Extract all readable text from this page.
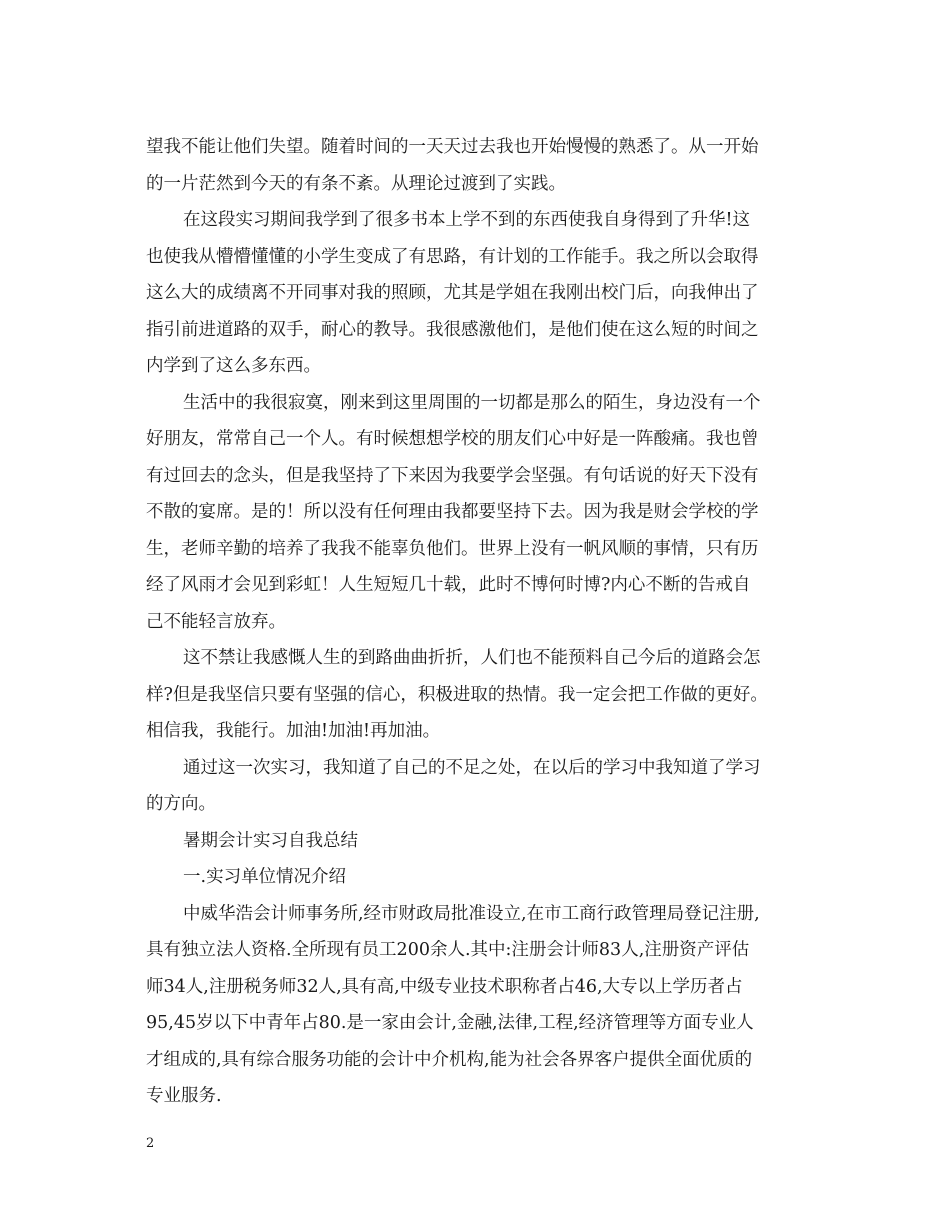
望我不能让他们失望。随着时间的一天天过去我也开始慢慢的熟悉了。从一开始
的一片茫然到今天的有条不紊。从理论过渡到了实践。
在这段实习期间我学到了很多书本上学不到的东西使我自身得到了升华!这
也使我从懵懵懂懂的小学生变成了有思路，有计划的工作能手。我之所以会取得
这么大的成绩离不开同事对我的照顾，尤其是学姐在我刚出校门后，向我伸出了
指引前进道路的双手，耐心的教导。我很感激他们，是他们使在这么短的时间之
内学到了这么多东西。
生活中的我很寂寞，刚来到这里周围的一切都是那么的陌生，身边没有一个
好朋友，常常自己一个人。有时候想想学校的朋友们心中好是一阵酸痛。我也曾
有过回去的念头，但是我坚持了下来因为我要学会坚强。有句话说的好天下没有
不散的宴席。是的！所以没有任何理由我都要坚持下去。因为我是财会学校的学
生，老师辛勤的培养了我我不能辜负他们。世界上没有一帆风顺的事情，只有历
经了风雨才会见到彩虹！人生短短几十载，此时不博何时博?内心不断的告戒自
己不能轻言放弃。
这不禁让我感慨人生的到路曲曲折折，人们也不能预料自己今后的道路会怎
样?但是我坚信只要有坚强的信心，积极进取的热情。我一定会把工作做的更好。
相信我，我能行。加油!加油!再加油。
通过这一次实习，我知道了自己的不足之处，在以后的学习中我知道了学习
的方向。
暑期会计实习自我总结
一.实习单位情况介绍
中威华浩会计师事务所,经市财政局批准设立,在市工商行政管理局登记注册,
具有独立法人资格.全所现有员工200余人.其中:注册会计师83人,注册资产评估
师34人,注册税务师32人,具有高,中级专业技术职称者占46,大专以上学历者占
95,45岁以下中青年占80.是一家由会计,金融,法律,工程,经济管理等方面专业人
才组成的,具有综合服务功能的会计中介机构,能为社会各界客户提供全面优质的
专业服务.
2
